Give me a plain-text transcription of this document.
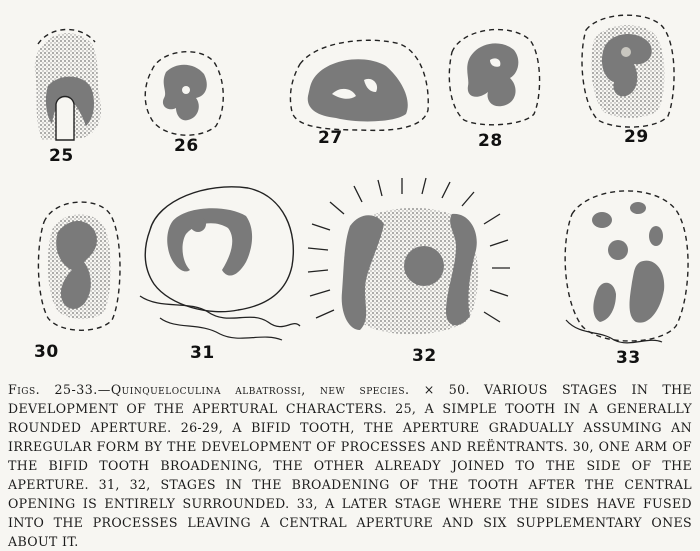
25	26	27	28	29
30	31	32	33
Figs. 25-33.—Quinqueloculina albatrossi, new species. × 50. VARIOUS STAGES IN THE DEVELOPMENT OF THE APERTURAL CHARACTERS. 25, A SIMPLE TOOTH IN A GENERALLY ROUNDED APERTURE. 26-29, A BIFID TOOTH, THE APERTURE GRADUALLY ASSUMING AN IRREGULAR FORM BY THE DEVELOPMENT OF PROCESSES AND REËNTRANTS. 30, ONE ARM OF THE BIFID TOOTH BROADENING, THE OTHER ALREADY JOINED TO THE SIDE OF THE APERTURE. 31, 32, STAGES IN THE BROADENING OF THE TOOTH AFTER THE CENTRAL OPENING IS ENTIRELY SURROUNDED. 33, A LATER STAGE WHERE THE SIDES HAVE FUSED INTO THE PROCESSES LEAVING A CENTRAL APERTURE AND SIX SUPPLEMENTARY ONES ABOUT IT.
